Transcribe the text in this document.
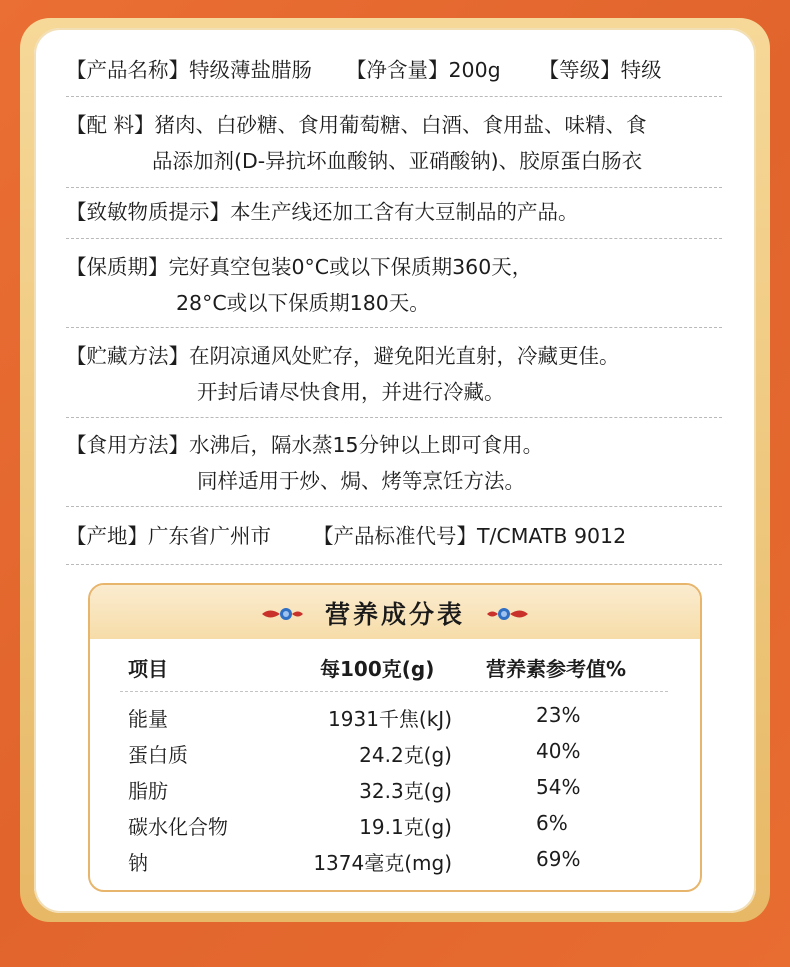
【产品名称】特级薄盐腊肠 【净含量】200g 【等级】特级
【配 料】猪肉、白砂糖、食用葡萄糖、白酒、食用盐、味精、食
品添加剂(D-异抗坏血酸钠、亚硝酸钠)、胶原蛋白肠衣
【致敏物质提示】本生产线还加工含有大豆制品的产品。
【保质期】完好真空包装0°C或以下保质期360天，
28°C或以下保质期180天。
【贮藏方法】在阴凉通风处贮存，避免阳光直射，冷藏更佳。
开封后请尽快食用，并进行冷藏。
【食用方法】水沸后，隔水蒸15分钟以上即可食用。
同样适用于炒、焗、烤等烹饪方法。
【产地】广东省广州市 【产品标准代号】T/CMATB 9012
营养成分表
项目	每100克(g)	营养素参考值%
能量	1931千焦(kJ)	23%
蛋白质	24.2克(g)	40%
脂肪	32.3克(g)	54%
碳水化合物	19.1克(g)	6%
钠	1374毫克(mg)	69%
